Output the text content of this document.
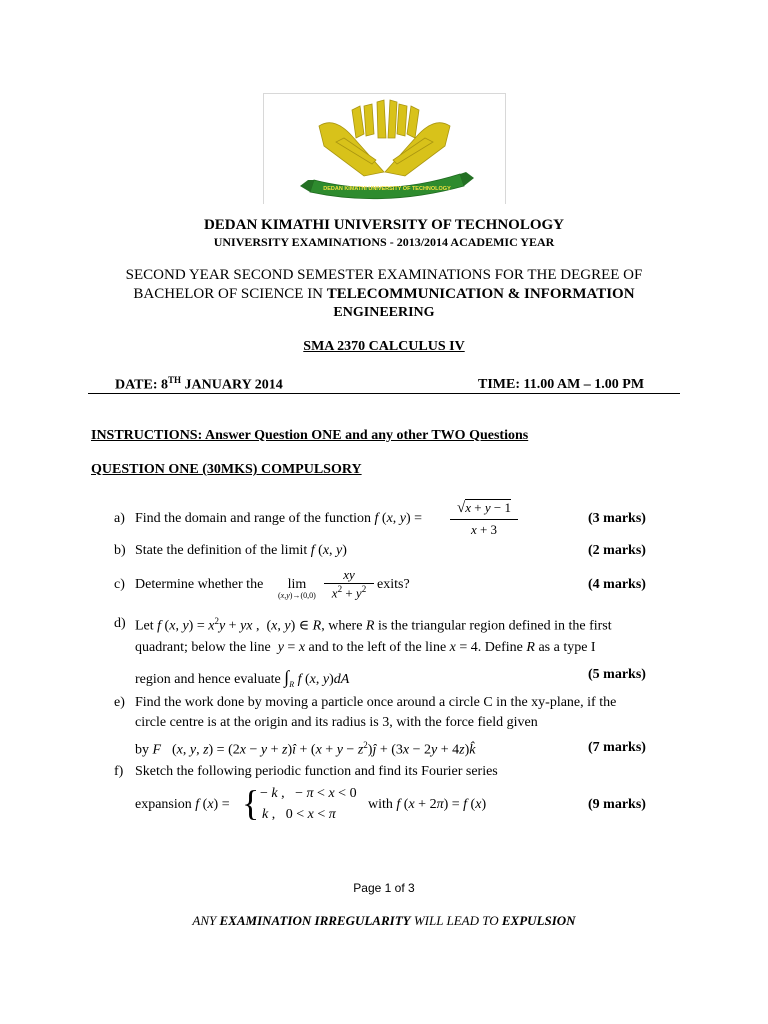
DEDAN KIMATHI UNIVERSITY OF TECHNOLOGY
DEDAN KIMATHI UNIVERSITY OF TECHNOLOGY
UNIVERSITY EXAMINATIONS - 2013/2014 ACADEMIC YEAR
SECOND YEAR SECOND SEMESTER EXAMINATIONS FOR THE DEGREE OF
BACHELOR OF SCIENCE IN TELECOMMUNICATION & INFORMATION
ENGINEERING
SMA 2370 CALCULUS IV
DATE: 8TH JANUARY 2014	TIME: 11.00 AM – 1.00 PM
INSTRUCTIONS: Answer Question ONE and any other TWO Questions
QUESTION ONE (30MKS) COMPULSORY
a) Find the domain and range of the function f (x, y) =
√x + y − 1
x + 3
(3 marks)
b) State the definition of the limit f (x, y)	(2 marks)
c) Determine whether the	lim
(x,y)→(0,0)
xy
$x^2 + y^2$ exits?	(4 marks)
d) Let f (x, $y) = x^2y$ + yx ,  (x, y) ∈ R, where R is the triangular region defined in the first
quadrant; below the line y = x and to the left of the line x = 4. Define R as a type I
region and hence evaluate $\int_R$ f (x, y)dA	(5 marks)
e) Find the work done by moving a particle once around a circle C in the xy-plane, if the
circle centre is at the origin and its radius is 3, with the force field given
by F⃗(x, y, z) = (2x − y + z)î + $(x + y - z^2)ĵ + (3x - 2y$ + 4z)k̂	(7 marks)
f) Sketch the following periodic function and find its Fourier series
expansion f (x) = { − k ,   − π < x < 0
k ,   0 < x < π
with f (x + 2π) = f (x)	(9 marks)
Page 1 of 3
ANY EXAMINATION IRREGULARITY WILL LEAD TO EXPULSION
